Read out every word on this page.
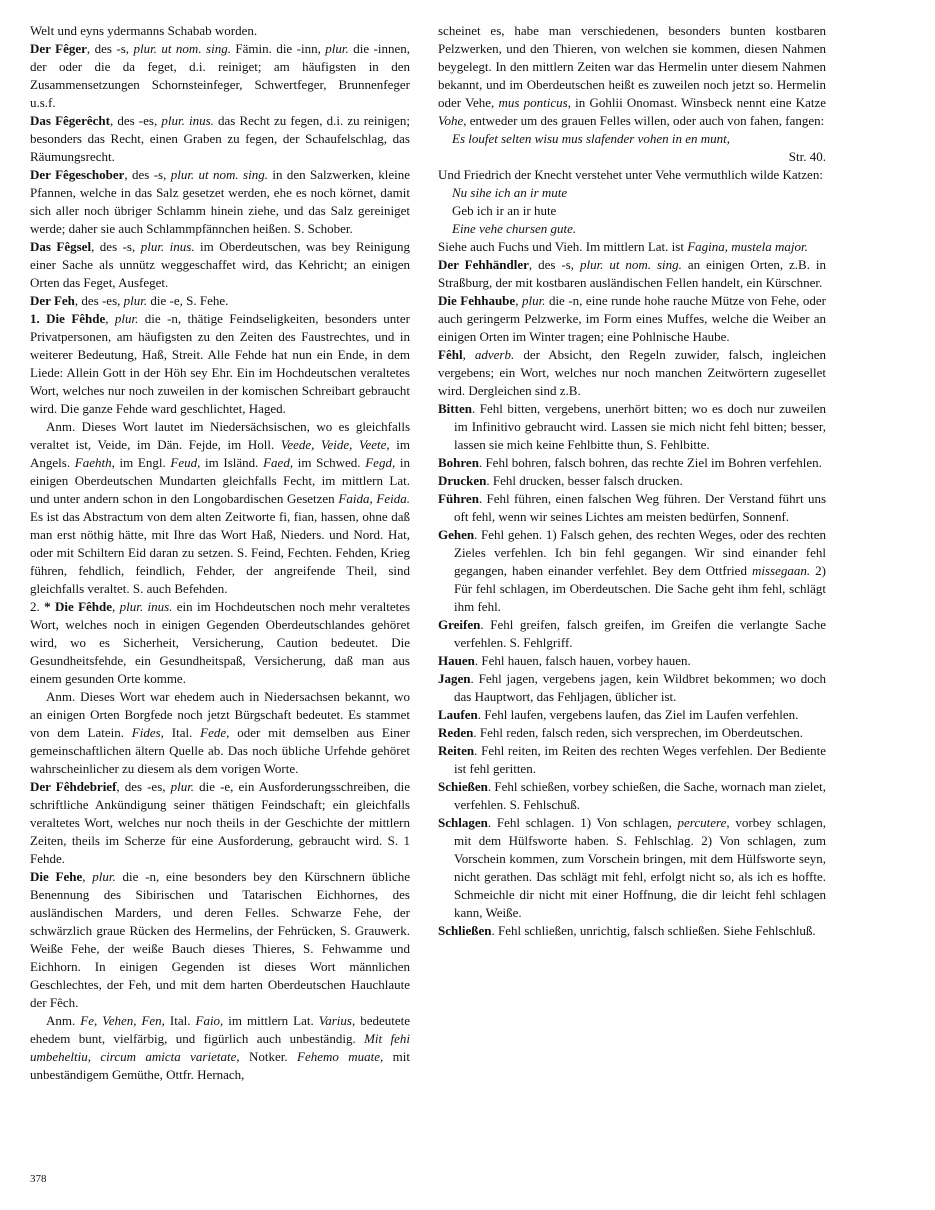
Welt und eyns ydermanns Schabab worden.

Der Fêger, des -s, plur. ut nom. sing. Fämin. die -inn, plur. die -innen, der oder die da feget, d.i. reiniget; am häufigsten in den Zusammensetzungen Schornsteinfeger, Schwertfeger, Brunnenfeger u.s.f.

Das Fêgerêcht, des -es, plur. inus. das Recht zu fegen, d.i. zu reinigen; besonders das Recht, einen Graben zu fegen, der Schaufelschlag, das Räumungsrecht.

Der Fêgeschober, des -s, plur. ut nom. sing. in den Salzwerken, kleine Pfannen, welche in das Salz gesetzet werden, ehe es noch körnet, damit sich aller noch übriger Schlamm hinein ziehe, und das Salz gereiniget werde; daher sie auch Schlammpfännchen heißen. S. Schober.

Das Fêgsel, des -s, plur. inus. im Oberdeutschen, was bey Reinigung einer Sache als unnütz weggeschaffet wird, das Kehricht; an einigen Orten das Feget, Ausfeget.

Der Feh, des -es, plur. die -e, S. Fehe.

1. Die Fêhde, plur. die -n, thätige Feindseligkeiten, besonders unter Privatpersonen, am häufigsten zu den Zeiten des Faustrechtes, und in weiterer Bedeutung, Haß, Streit. Alle Fehde hat nun ein Ende, in dem Liede: Allein Gott in der Höh sey Ehr. Ein im Hochdeutschen veraltetes Wort, welches nur noch zuweilen in der komischen Schreibart gebraucht wird. Die ganze Fehde ward geschlichtet, Haged.

Anm. Dieses Wort lautet im Niedersächsischen, wo es gleichfalls veraltet ist, Veide, im Dän. Fejde, im Holl. Veede, Veide, Veete, im Angels. Faehth, im Engl. Feud, im Isländ. Faed, im Schwed. Fegd, in einigen Oberdeutschen Mundarten gleichfalls Fecht, im mittlern Lat. und unter andern schon in den Longobardischen Gesetzen Faida, Feida. Es ist das Abstractum von dem alten Zeitworte fi, fian, hassen, ohne daß man erst nöthig hätte, mit Ihre das Wort Haß, Nieders. und Nord. Hat, oder mit Schiltern Eid daran zu setzen. S. Feind, Fechten. Fehden, Krieg führen, fehdlich, feindlich, Fehder, der angreifende Theil, sind gleichfalls veraltet. S. auch Befehden.

2. * Die Fêhde, plur. inus. ein im Hochdeutschen noch mehr veraltetes Wort, welches noch in einigen Gegenden Oberdeutschlandes gehöret wird, wo es Sicherheit, Versicherung, Caution bedeutet. Die Gesundheitsfehde, ein Gesundheitspaß, Versicherung, daß man aus einem gesunden Orte komme.

Anm. Dieses Wort war ehedem auch in Niedersachsen bekannt, wo an einigen Orten Borgfede noch jetzt Bürgschaft bedeutet. Es stammet von dem Latein. Fides, Ital. Fede, oder mit demselben aus Einer gemeinschaftlichen ältern Quelle ab. Das noch übliche Urfehde gehöret wahrscheinlicher zu diesem als dem vorigen Worte.

Der Fêhdebrief, des -es, plur. die -e, ein Ausforderungsschreiben, die schriftliche Ankündigung seiner thätigen Feindschaft; ein gleichfalls veraltetes Wort, welches nur noch theils in der Geschichte der mittlern Zeiten, theils im Scherze für eine Ausforderung, gebraucht wird. S. 1 Fehde.

Die Fehe, plur. die -n, eine besonders bey den Kürschnern übliche Benennung des Sibirischen und Tatarischen Eichhornes, des ausländischen Marders, und deren Felles. Schwarze Fehe, der schwärzlich graue Rücken des Hermelins, der Fehrücken, S. Grauwerk. Weiße Fehe, der weiße Bauch dieses Thieres, S. Fehwamme und Eichhorn. In einigen Gegenden ist dieses Wort männlichen Geschlechtes, der Feh, und mit dem harten Oberdeutschen Hauchlaute der Fêch.

Anm. Fe, Vehen, Fen, Ital. Faio, im mittlern Lat. Varius, bedeutete ehedem bunt, vielfärbig, und figürlich auch unbeständig. Mit fehi umbeheltiu, circum amicta varietate, Notker. Fehemo muate, mit unbeständigem Gemüthe, Ottfr. Hernach,

scheinet es, habe man verschiedenen, besonders bunten kostbaren Pelzwerken, und den Thieren, von welchen sie kommen, diesen Nahmen beygelegt. In den mittlern Zeiten war das Hermelin unter diesem Nahmen bekannt, und im Oberdeutschen heißt es zuweilen noch jetzt so. Hermelin oder Vehe, mus ponticus, in Gohlii Onomast. Winsbeck nennt eine Katze Vohe, entweder um des grauen Felles willen, oder auch von fahen, fangen:

Es loufet selten wisu mus slafender vohen in en munt,

Str. 40.

Und Friedrich der Knecht verstehet unter Vehe vermuthlich wilde Katzen:

Nu sihe ich an ir mute

Geb ich ir an ir hute

Eine vehe chursen gute.

Siehe auch Fuchs und Vieh. Im mittlern Lat. ist Fagina, mustela major.

Der Fehhändler, des -s, plur. ut nom. sing. an einigen Orten, z.B. in Straßburg, der mit kostbaren ausländischen Fellen handelt, ein Kürschner.

Die Fehhaube, plur. die -n, eine runde hohe rauche Mütze von Fehe, oder auch geringerm Pelzwerke, im Form eines Muffes, welche die Weiber an einigen Orten im Winter tragen; eine Pohlnische Haube.

Fêhl, adverb. der Absicht, den Regeln zuwider, falsch, ingleichen vergebens; ein Wort, welches nur noch manchen Zeitwörtern zugesellet wird. Dergleichen sind z.B.

Bitten. Fehl bitten, vergebens, unerhört bitten; wo es doch nur zuweilen im Infinitivo gebraucht wird. Lassen sie mich nicht fehl bitten; besser, lassen sie mich keine Fehlbitte thun, S. Fehlbitte.

Bohren. Fehl bohren, falsch bohren, das rechte Ziel im Bohren verfehlen.

Drucken. Fehl drucken, besser falsch drucken.

Führen. Fehl führen, einen falschen Weg führen. Der Verstand führt uns oft fehl, wenn wir seines Lichtes am meisten bedürfen, Sonnenf.

Gehen. Fehl gehen. 1) Falsch gehen, des rechten Weges, oder des rechten Zieles verfehlen. Ich bin fehl gegangen. Wir sind einander fehl gegangen, haben einander verfehlet. Bey dem Ottfried missegaan. 2) Für fehl schlagen, im Oberdeutschen. Die Sache geht ihm fehl, schlägt ihm fehl.

Greifen. Fehl greifen, falsch greifen, im Greifen die verlangte Sache verfehlen. S. Fehlgriff.

Hauen. Fehl hauen, falsch hauen, vorbey hauen.

Jagen. Fehl jagen, vergebens jagen, kein Wildbret bekommen; wo doch das Hauptwort, das Fehljagen, üblicher ist.

Laufen. Fehl laufen, vergebens laufen, das Ziel im Laufen verfehlen.

Reden. Fehl reden, falsch reden, sich versprechen, im Oberdeutschen.

Reiten. Fehl reiten, im Reiten des rechten Weges verfehlen. Der Bediente ist fehl geritten.

Schießen. Fehl schießen, vorbey schießen, die Sache, wornach man zielet, verfehlen. S. Fehlschuß.

Schlagen. Fehl schlagen. 1) Von schlagen, percutere, vorbey schlagen, mit dem Hülfsworte haben. S. Fehlschlag. 2) Von schlagen, zum Vorschein kommen, zum Vorschein bringen, mit dem Hülfsworte seyn, nicht gerathen. Das schlägt mit fehl, erfolgt nicht so, als ich es hoffte. Schmeichle dir nicht mit einer Hoffnung, die dir leicht fehl schlagen kann, Weiße.

Schließen. Fehl schließen, unrichtig, falsch schließen. Siehe Fehlschluß.

378
